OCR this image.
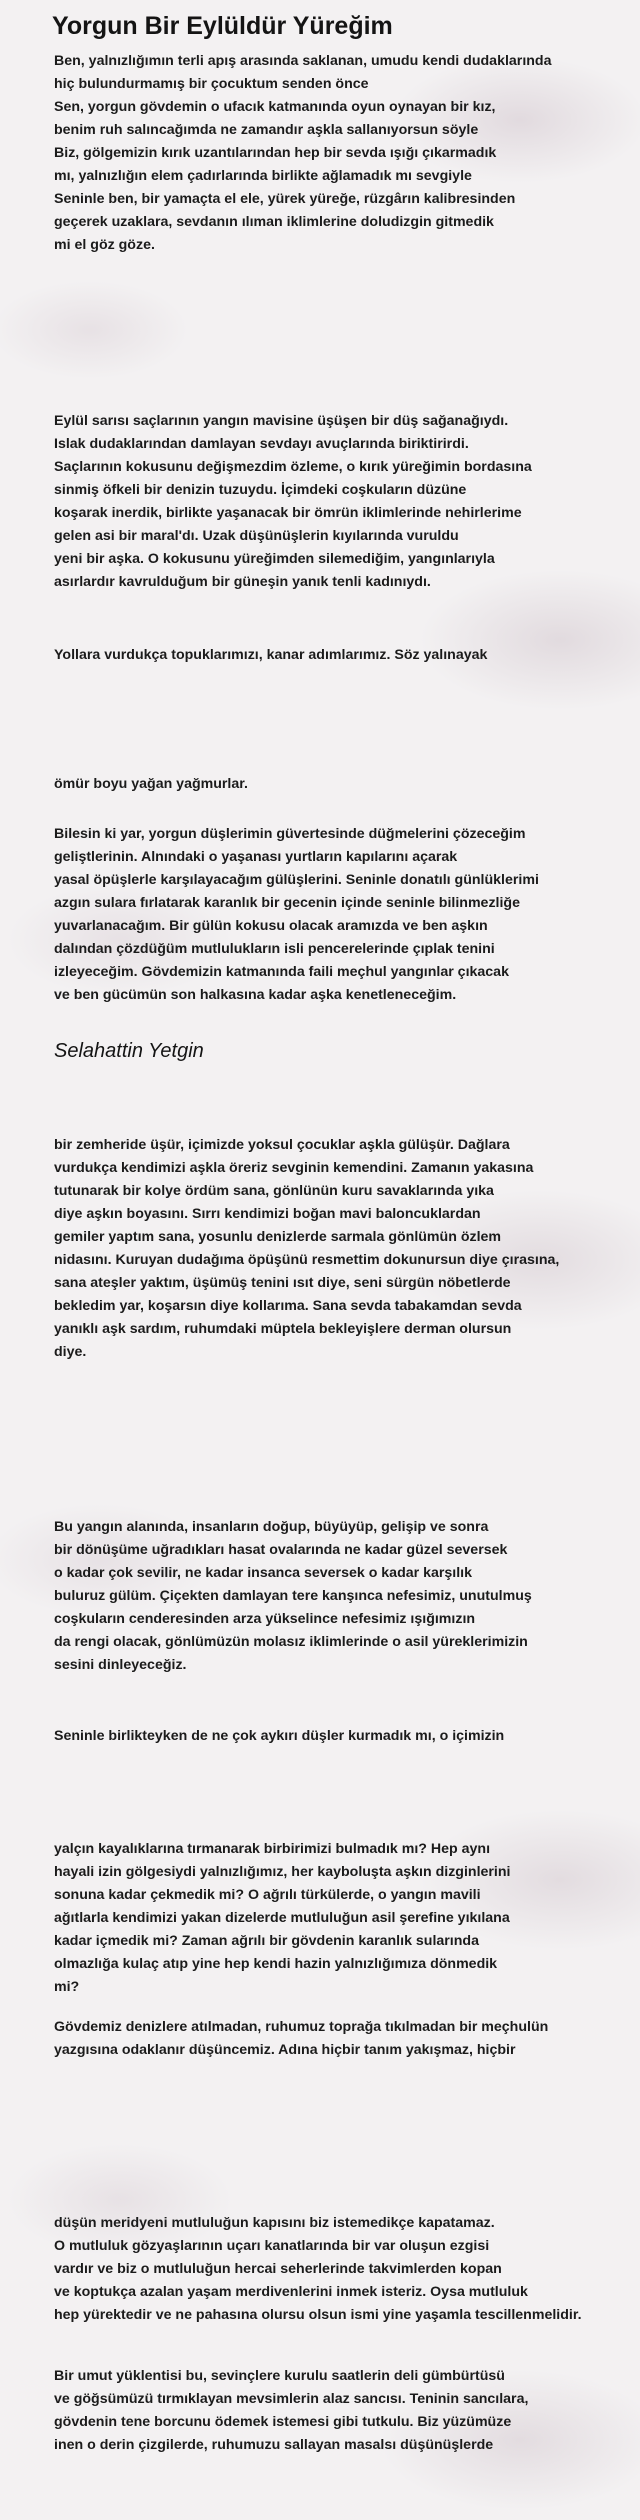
Yorgun Bir Eylüldür Yüreğim
Ben, yalnızlığımın terli apış arasında saklanan, umudu kendi dudaklarında
hiç bulundurmamış bir çocuktum senden önce
Sen, yorgun gövdemin o ufacık katmanında oyun oynayan bir kız,
benim ruh salıncağımda ne zamandır aşkla sallanıyorsun söyle
Biz, gölgemizin kırık uzantılarından hep bir sevda ışığı çıkarmadık
mı, yalnızlığın elem çadırlarında birlikte ağlamadık mı sevgiyle
Seninle ben, bir yamaçta el ele, yürek yüreğe, rüzgârın kalibresinden
geçerek uzaklara, sevdanın ılıman iklimlerine doludizgin gitmedik
mi el göz göze.
Eylül sarısı saçlarının yangın mavisine üşüşen bir düş sağanağıydı.
Islak dudaklarından damlayan sevdayı avuçlarında biriktirirdi.
Saçlarının kokusunu değişmezdim özleme, o kırık yüreğimin bordasına
sinmiş öfkeli bir denizin tuzuydu. İçimdeki coşkuların düzüne
koşarak inerdik, birlikte yaşanacak bir ömrün iklimlerinde nehirlerime
gelen asi bir maral'dı. Uzak düşünüşlerin kıyılarında vuruldu
yeni bir aşka. O kokusunu yüreğimden silemediğim, yangınlarıyla
asırlardır kavrulduğum bir güneşin yanık tenli kadınıydı.
Yollara vurdukça topuklarımızı, kanar adımlarımız. Söz yalınayak
ömür boyu yağan yağmurlar.
Bilesin ki yar, yorgun düşlerimin güvertesinde düğmelerini çözeceğim
geliştlerinin. Alnındaki o yaşanası yurtların kapılarını açarak
yasal öpüşlerle karşılayacağım gülüşlerini. Seninle donatılı günlüklerimi
azgın sulara fırlatarak karanlık bir gecenin içinde seninle bilinmezliğe
yuvarlanacağım. Bir gülün kokusu olacak aramızda ve ben aşkın
dalından çözdüğüm mutlulukların isli pencerelerinde çıplak tenini
izleyeceğim. Gövdemizin katmanında faili meçhul yangınlar çıkacak
ve ben gücümün son halkasına kadar aşka kenetleneceğim.
Selahattin Yetgin
bir zemheride üşür, içimizde yoksul çocuklar aşkla gülüşür. Dağlara
vurdukça kendimizi aşkla öreriz sevginin kemendini. Zamanın yakasına
tutunarak bir kolye ördüm sana, gönlünün kuru savaklarında yıka
diye aşkın boyasını. Sırrı kendimizi boğan mavi baloncuklardan
gemiler yaptım sana, yosunlu denizlerde sarmala gönlümün özlem
nidasını. Kuruyan dudağıma öpüşünü resmettim dokunursun diye çırasına,
sana ateşler yaktım, üşümüş tenini ısıt diye, seni sürgün nöbetlerde
bekledim yar, koşarsın diye kollarıma. Sana sevda tabakamdan sevda
yanıklı aşk sardım, ruhumdaki müptela bekleyişlere derman olursun
diye.
Bu yangın alanında, insanların doğup, büyüyüp, gelişip ve sonra
bir dönüşüme uğradıkları hasat ovalarında ne kadar güzel seversek
o kadar çok sevilir, ne kadar insanca seversek o kadar karşılık
buluruz gülüm. Çiçekten damlayan tere kanşınca nefesimiz, unutulmuş
coşkuların cenderesinden arza yükselince nefesimiz ışığımızın
da rengi olacak, gönlümüzün molasız iklimlerinde o asil yüreklerimizin
sesini dinleyeceğiz.
Seninle birlikteyken de ne çok aykırı düşler kurmadık mı, o içimizin
yalçın kayalıklarına tırmanarak birbirimizi bulmadık mı? Hep aynı
hayali izin gölgesiydi yalnızlığımız, her kayboluşta aşkın dizginlerini
sonuna kadar çekmedik mi? O ağrılı türkülerde, o yangın mavili
ağıtlarla kendimizi yakan dizelerde mutluluğun asil şerefine yıkılana
kadar içmedik mi? Zaman ağrılı bir gövdenin karanlık sularında
olmazlığa kulaç atıp yine hep kendi hazin yalnızlığımıza dönmedik
mi?
Gövdemiz denizlere atılmadan, ruhumuz toprağa tıkılmadan bir meçhulün
yazgısına odaklanır düşüncemiz. Adına hiçbir tanım yakışmaz, hiçbir
düşün meridyeni mutluluğun kapısını biz istemedikçe kapatamaz.
O mutluluk gözyaşlarının uçarı kanatlarında bir var oluşun ezgisi
vardır ve biz o mutluluğun hercai seherlerinde takvimlerden kopan
ve koptukça azalan yaşam merdivenlerini inmek isteriz. Oysa mutluluk
hep yürektedir ve ne pahasına olursu olsun ismi yine yaşamla tescillenmelidir.
Bir umut yüklentisi bu, sevinçlere kurulu saatlerin deli gümbürtüsü
ve göğsümüzü tırmıklayan mevsimlerin alaz sancısı. Teninin sancılara,
gövdenin tene borcunu ödemek istemesi gibi tutkulu. Biz yüzümüze
inen o derin çizgilerde, ruhumuzu sallayan masalsı düşünüşlerde
